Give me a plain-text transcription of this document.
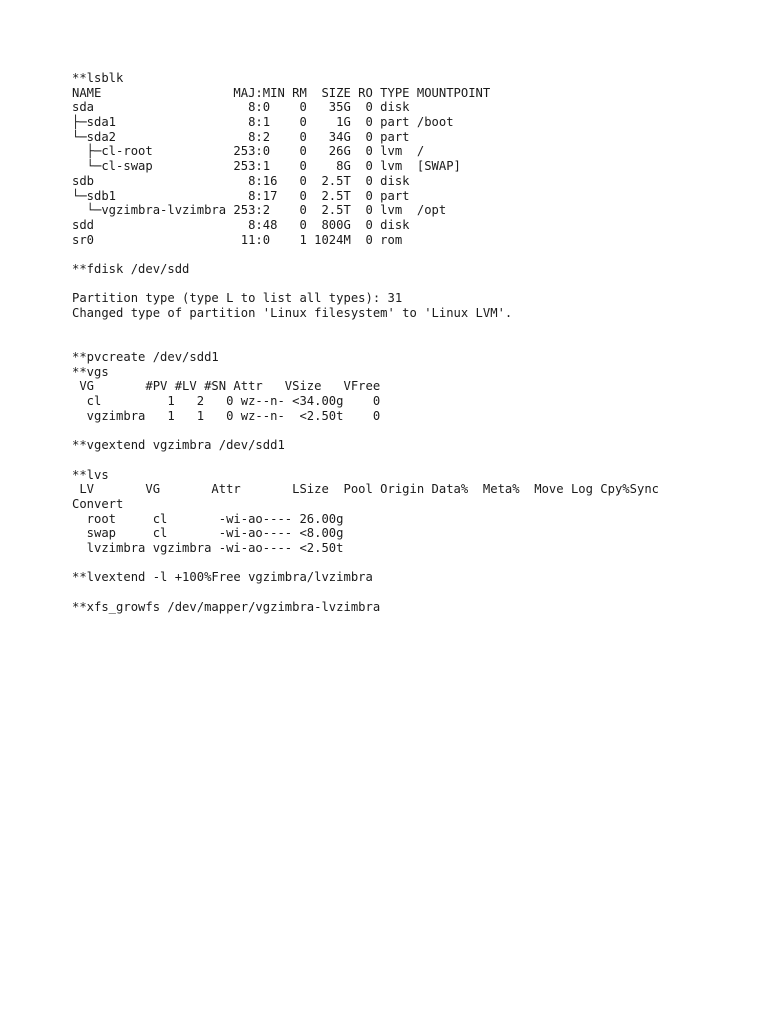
**lsblk
NAME                  MAJ:MIN RM  SIZE RO TYPE MOUNTPOINT
sda                     8:0    0   35G  0 disk
├─sda1                  8:1    0    1G  0 part /boot
└─sda2                  8:2    0   34G  0 part
├─cl-root           253:0    0   26G  0 lvm  /
└─cl-swap           253:1    0    8G  0 lvm  [SWAP]
sdb                     8:16   0  2.5T  0 disk
└─sdb1                  8:17   0  2.5T  0 part
└─vgzimbra-lvzimbra 253:2    0  2.5T  0 lvm  /opt
sdd                     8:48   0  800G  0 disk
sr0                    11:0    1 1024M  0 rom
**fdisk /dev/sdd
Partition type (type L to list all types): 31
Changed type of partition 'Linux filesystem' to 'Linux LVM'.
**pvcreate /dev/sdd1
**vgs
VG       #PV #LV #SN Attr   VSize   VFree
cl         1   2   0 wz--n- <34.00g    0
vgzimbra   1   1   0 wz--n-  <2.50t    0
**vgextend vgzimbra /dev/sdd1
**lvs
LV       VG       Attr       LSize  Pool Origin Data%  Meta%  Move Log Cpy%Sync
Convert
root     cl       -wi-ao---- 26.00g
swap     cl       -wi-ao---- <8.00g
lvzimbra vgzimbra -wi-ao---- <2.50t
**lvextend -l +100%Free vgzimbra/lvzimbra
**xfs_growfs /dev/mapper/vgzimbra-lvzimbra
